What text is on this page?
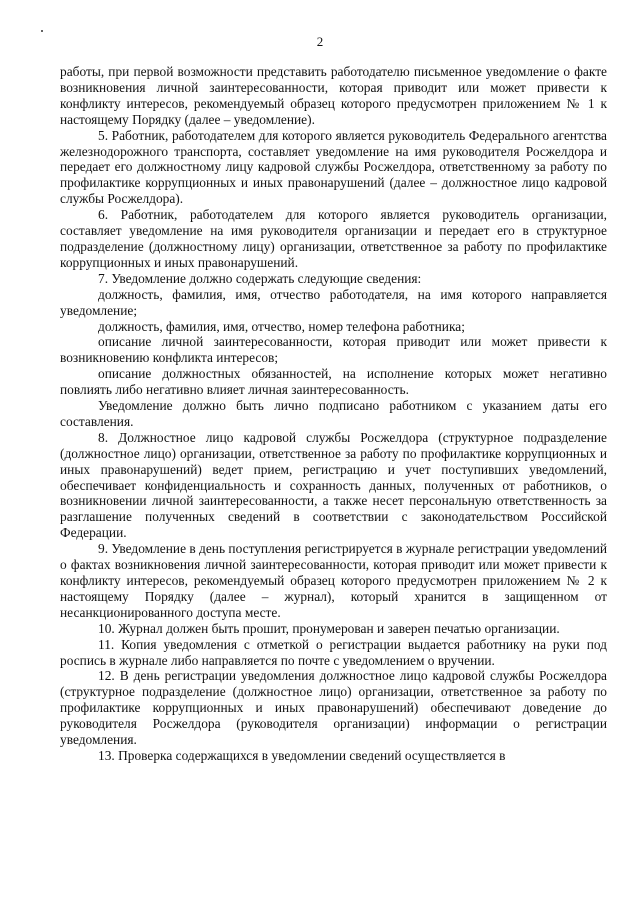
2

работы, при первой возможности представить работодателю письменное уведомление о факте возникновения личной заинтересованности, которая приводит или может привести к конфликту интересов, рекомендуемый образец которого предусмотрен приложением № 1 к настоящему Порядку (далее – уведомление).

5. Работник, работодателем для которого является руководитель Федерального агентства железнодорожного транспорта, составляет уведомление на имя руководителя Росжелдора и передает его должностному лицу кадровой службы Росжелдора, ответственному за работу по профилактике коррупционных и иных правонарушений (далее – должностное лицо кадровой службы Росжелдора).

6. Работник, работодателем для которого является руководитель организации, составляет уведомление на имя руководителя организации и передает его в структурное подразделение (должностному лицу) организации, ответственное за работу по профилактике коррупционных и иных правонарушений.

7. Уведомление должно содержать следующие сведения:

должность, фамилия, имя, отчество работодателя, на имя которого направляется уведомление;

должность, фамилия, имя, отчество, номер телефона работника;

описание личной заинтересованности, которая приводит или может привести к возникновению конфликта интересов;

описание должностных обязанностей, на исполнение которых может негативно повлиять либо негативно влияет личная заинтересованность.

Уведомление должно быть лично подписано работником с указанием даты его составления.

8. Должностное лицо кадровой службы Росжелдора (структурное подразделение (должностное лицо) организации, ответственное за работу по профилактике коррупционных и иных правонарушений) ведет прием, регистрацию и учет поступивших уведомлений, обеспечивает конфиденциальность и сохранность данных, полученных от работников, о возникновении личной заинтересованности, а также несет персональную ответственность за разглашение полученных сведений в соответствии с законодательством Российской Федерации.

9. Уведомление в день поступления регистрируется в журнале регистрации уведомлений о фактах возникновения личной заинтересованности, которая приводит или может привести к конфликту интересов, рекомендуемый образец которого предусмотрен приложением № 2 к настоящему Порядку (далее – журнал), который хранится в защищенном от несанкционированного доступа месте.

10. Журнал должен быть прошит, пронумерован и заверен печатью организации.

11. Копия уведомления с отметкой о регистрации выдается работнику на руки под роспись в журнале либо направляется по почте с уведомлением о вручении.

12. В день регистрации уведомления должностное лицо кадровой службы Росжелдора (структурное подразделение (должностное лицо) организации, ответственное за работу по профилактике коррупционных и иных правонарушений) обеспечивают доведение до руководителя Росжелдора (руководителя организации) информации о регистрации уведомления.

13. Проверка содержащихся в уведомлении сведений осуществляется в
